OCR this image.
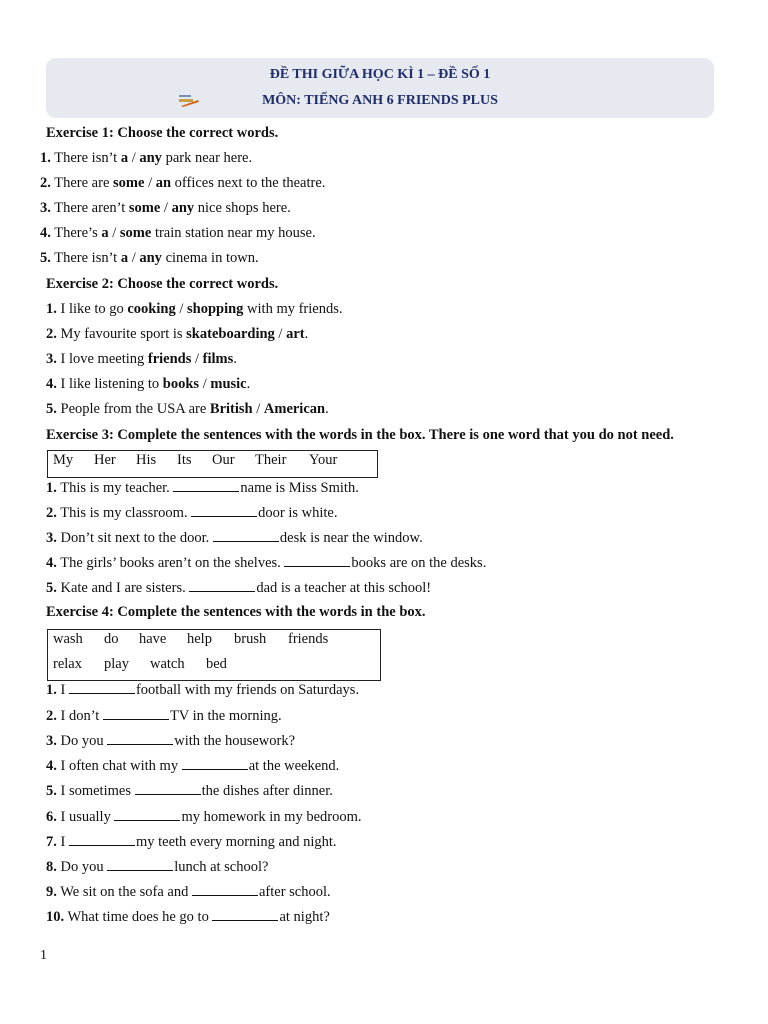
ĐỀ THI GIỮA HỌC KÌ 1 – ĐỀ SỐ 1
MÔN: TIẾNG ANH 6 FRIENDS PLUS
Exercise 1: Choose the correct words.
1. There isn’t a / any park near here.
2. There are some / an offices next to the theatre.
3. There aren’t some / any nice shops here.
4. There’s a / some train station near my house.
5. There isn’t a / any cinema in town.
Exercise 2: Choose the correct words.
1. I like to go cooking / shopping with my friends.
2. My favourite sport is skateboarding / art.
3. I love meeting friends / films.
4. I like listening to books / music.
5. People from the USA are British / American.
Exercise 3: Complete the sentences with the words in the box. There is one word that you do not need.
1. This is my teacher.	name is Miss Smith.
2. This is my classroom.	door is white.
3. Don’t sit next to the door.	desk is near the window.
4. The girls’ books aren’t on the shelves.	books are on the desks.
5. Kate and I are sisters.	dad is a teacher at this school!
My Her His Its Our Their Your
Exercise 4: Complete the sentences with the words in the box.
1. I	football with my friends on Saturdays.
2. I don’t	TV in the morning.
3. Do you	with the housework?
4. I often chat with my	at the weekend.
5. I sometimes	the dishes after dinner.
6. I usually	my homework in my bedroom.
7. I	my teeth every morning and night.
8. Do you	lunch at school?
9. We sit on the sofa and	after school.
10. What time does he go to	at night?
wash do have help brush friends
relax play watch bed
1
